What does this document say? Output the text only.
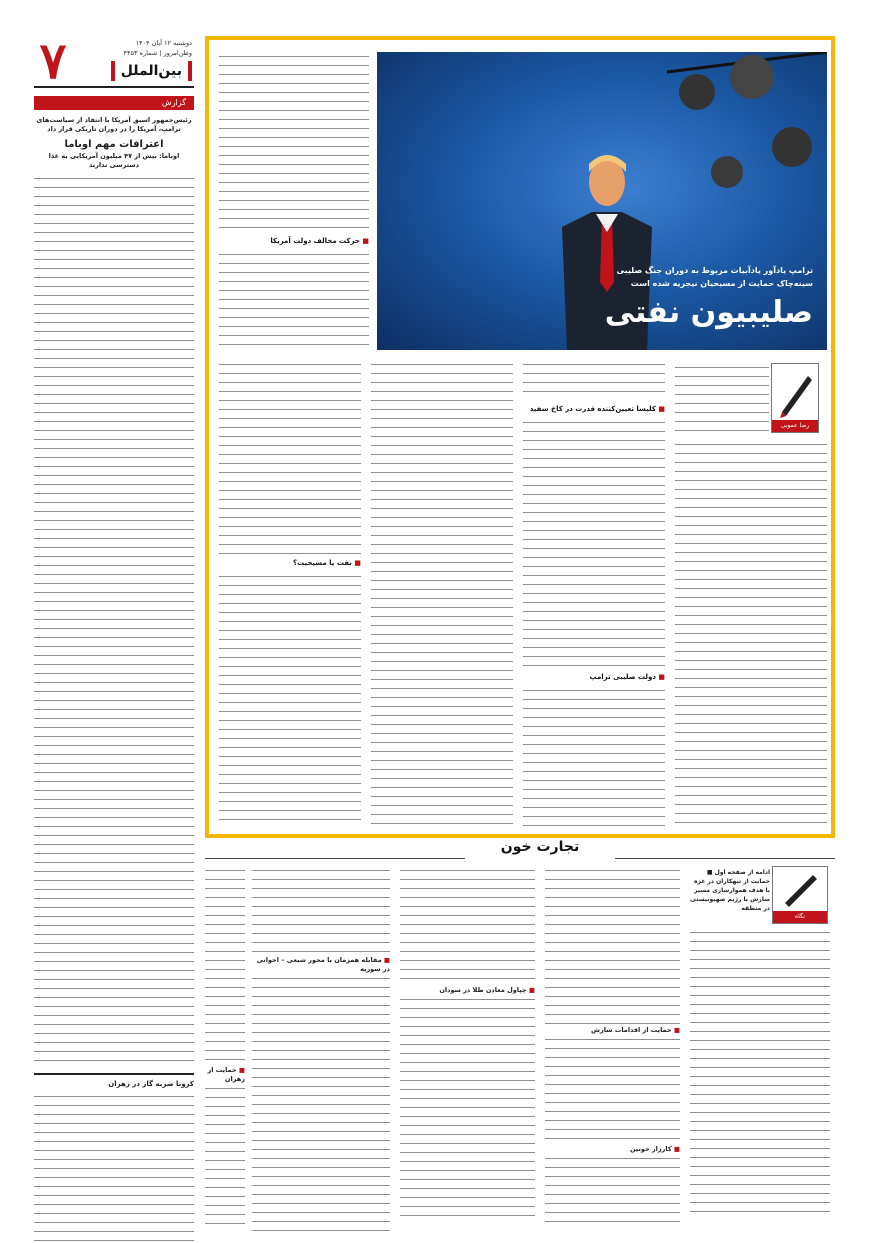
۷	دوشنبه ۱۲ آبان ۱۴۰۴
وطن‌امروز | شماره ۴۴۵۳
بین‌الملل
گزارش
رئیس‌جمهور اسبق آمریکا با انتقاد از سیاست‌های ترامپ، آمریکا را در دوران تاریکی قرار داد
اعترافات مهم اوباما
اوباما: بیش از ۴۷ میلیون آمریکایی به غذا دسترسی ندارند
کرونا ضربه گاز در زهران
ترامپ یادآور یادآبیات مربوط به دوران جنگ صلیبی
سینه‌چاک حمایت از مسیحیان نیجریه شده است
صلیبیون نفتی
■ حرکت مخالف دولت آمریکا
■ نفت یا مسیحیت؟
■ کلیسا تعیین‌کننده قدرت در کاخ سفید
■ دولت صلیبی ترامپ
رضا عمویی
تجارت خون
نگاه
ادامه از صفحه اول ■ حمایت از تبهکاران در غزه با هدف هموارسازی مسیر سازش با رژیم صهیونیستی در منطقه
■ حمایت از اقدامات سازش
■ کارزار خونین
■ چپاول معادن طلا در سودان
■ مقابله همزمان با محور شیعی – اخوانی در سوریه
■ حمایت از زهران
